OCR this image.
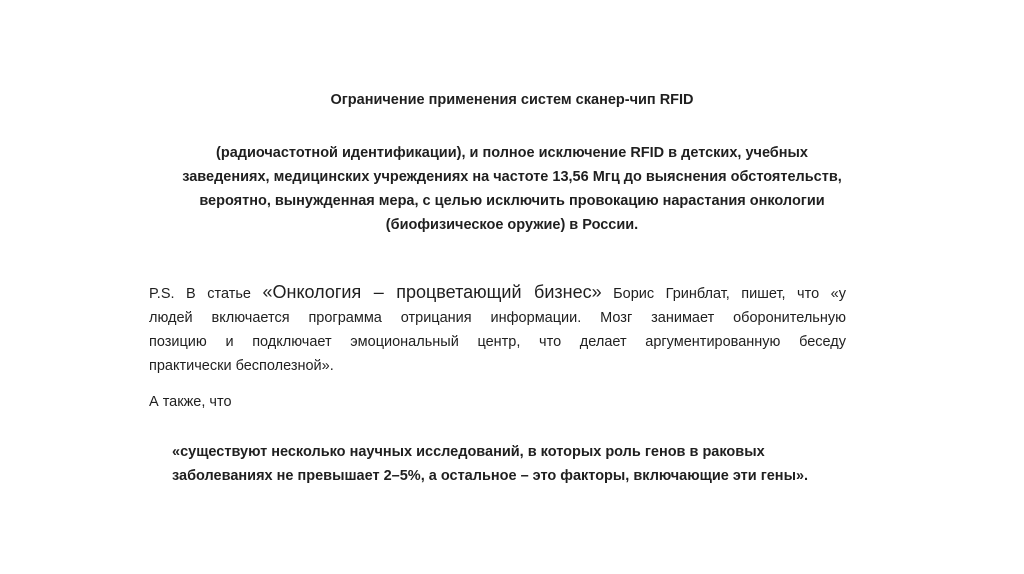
Ограничение применения систем сканер-чип RFID
(радиочастотной идентификации), и полное исключение RFID в детских, учебных
заведениях, медицинских учреждениях на частоте 13,56 Мгц до выяснения обстоятельств,
вероятно, вынужденная мера, с целью исключить провокацию нарастания онкологии
(биофизическое оружие) в России.
P.S. В статье «Онкология – процветающий бизнес» Борис Гринблат, пишет, что «у
людей включается программа отрицания информации. Мозг занимает оборонительную
позицию и подключает эмоциональный центр, что делает аргументированную беседу
практически бесполезной».
А также, что
«существуют несколько научных исследований, в которых роль генов в раковых
заболеваниях не превышает 2–5%, а остальное – это факторы, включающие эти гены».
